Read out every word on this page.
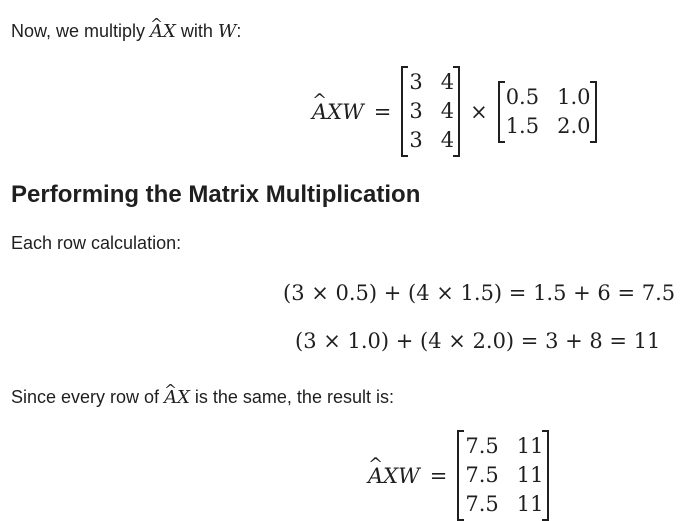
Now, we multiply ^ AX with W:
^ A XW =
3 4
3 4
3 4
×
0.5 1.0
1.5 2.0
Performing the Matrix Multiplication
Each row calculation:
(3 × 0.5) + (4 × 1.5) = 1.5 + 6 = 7.5
(3 × 1.0) + (4 × 2.0) = 3 + 8 = 11
Since every row of ^ AX is the same, the result is:
^ A XW =
7.5 11
7.5 11
7.5 11
